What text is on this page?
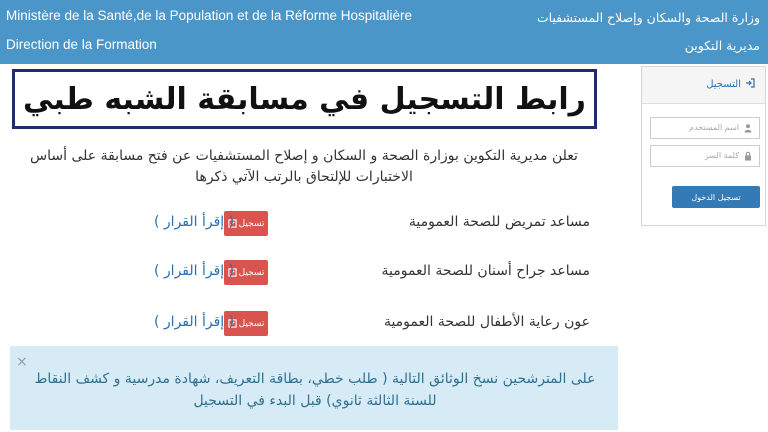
Ministère de la Santé,de la Population et de la Réforme Hospitalière
Direction de la Formation
وزارة الصحة والسكان وإصلاح المستشفيات
مديرية التكوين
رابط التسجيل في مسابقة الشبه طبي
تعلن مديرية التكوين بوزارة الصحة و السكان و إصلاح المستشفيات عن فتح مسابقة على أساس الاختبارات للإلتحاق بالرتب الآتي ذكرها
مساعد تمريض للصحة العمومية
تسجيل
( إقرأ القرار )
مساعد جراح أسنان للصحة العمومية
تسجيل
( إقرأ القرار )
عون رعاية الأطفال للصحة العمومية
تسجيل
( إقرأ القرار )
×
على المترشحين نسخ الوثائق التالية ( طلب خطي، بطاقة التعريف، شهادة مدرسية و كشف النقاط للسنة الثالثة ثانوي) قبل البدء في التسجيل
التسجيل
اسم المستخدم
كلمة السر
تسجيل الدخول
